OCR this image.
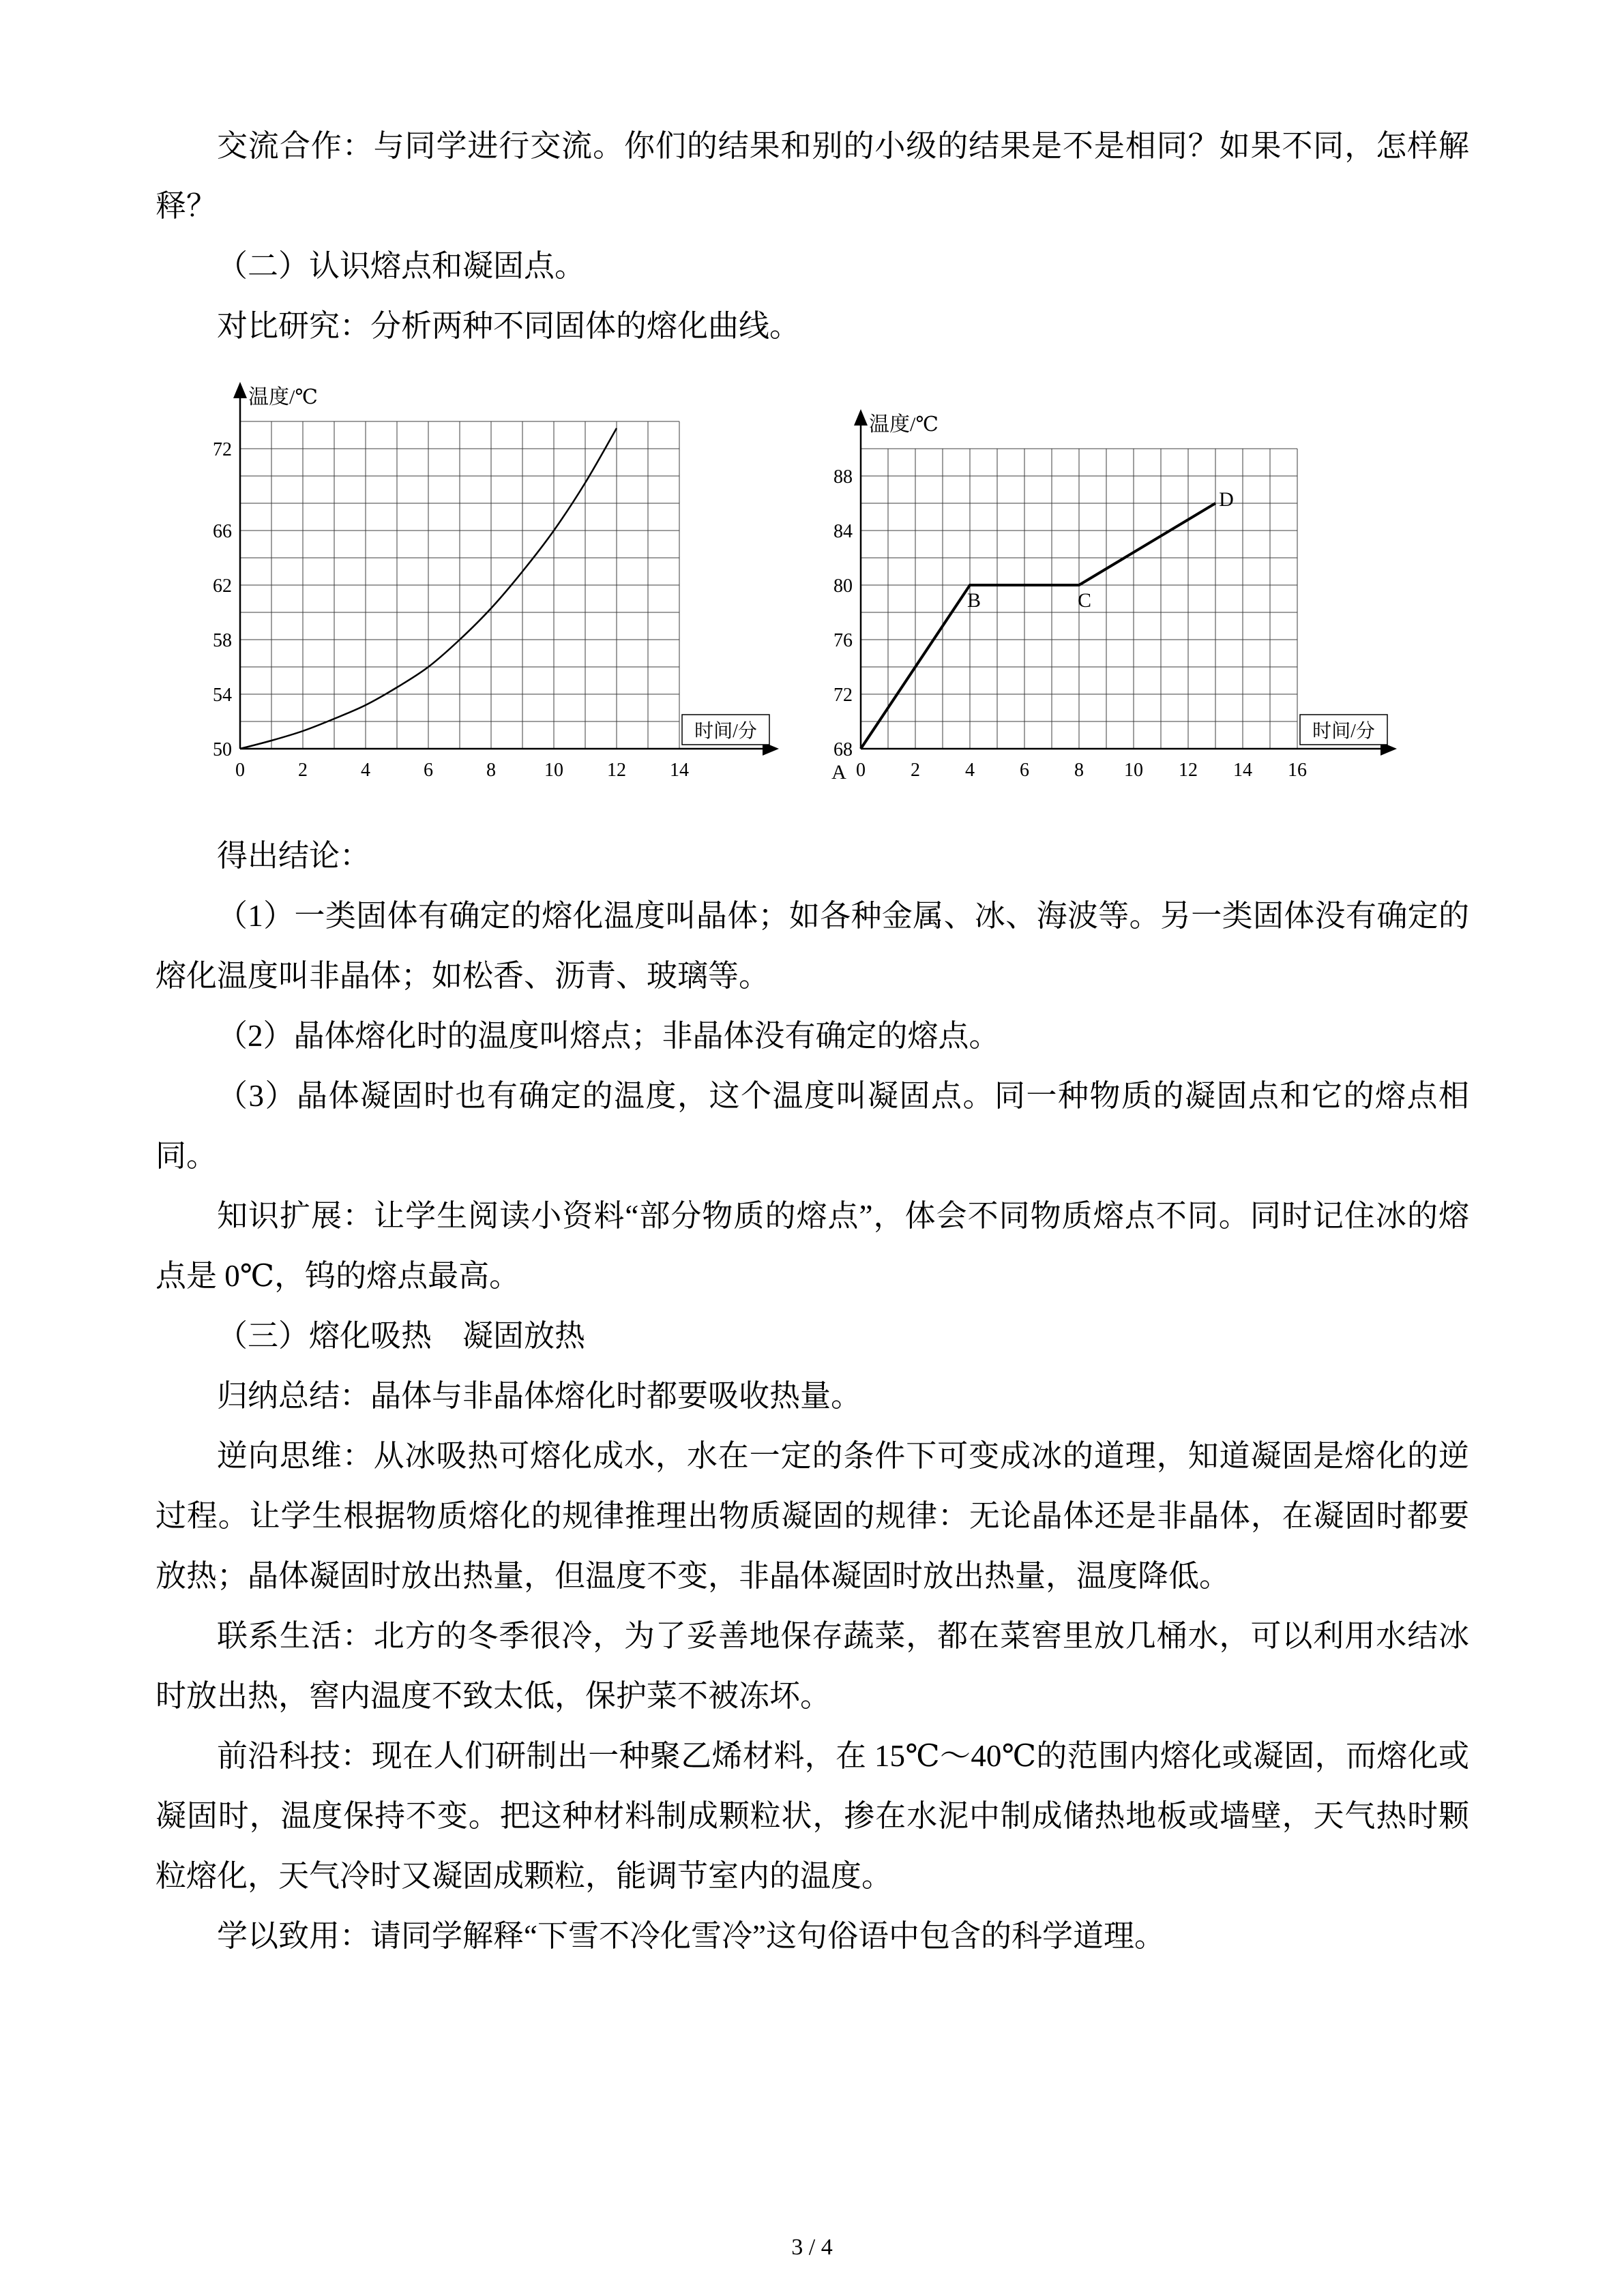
交流合作：与同学进行交流。你们的结果和别的小级的结果是不是相同？如果不同，怎样解释？

（二）认识熔点和凝固点。

对比研究：分析两种不同固体的熔化曲线。

72
66
62
58
54
50
0	2	4	6	8	10 12 14
温度/℃
时间/分
88
84
80
76
72
68
0 2 4 6 8 10 12 14 16
温度/℃
时间/分
A
B	C
D

得出结论：

（1）一类固体有确定的熔化温度叫晶体；如各种金属、冰、海波等。另一类固体没有确定的熔化温度叫非晶体；如松香、沥青、玻璃等。

（2）晶体熔化时的温度叫熔点；非晶体没有确定的熔点。

（3）晶体凝固时也有确定的温度，这个温度叫凝固点。同一种物质的凝固点和它的熔点相同。

知识扩展：让学生阅读小资料“部分物质的熔点”，体会不同物质熔点不同。同时记住冰的熔点是 0℃，钨的熔点最高。

（三）熔化吸热　凝固放热

归纳总结：晶体与非晶体熔化时都要吸收热量。

逆向思维：从冰吸热可熔化成水，水在一定的条件下可变成冰的道理，知道凝固是熔化的逆过程。让学生根据物质熔化的规律推理出物质凝固的规律：无论晶体还是非晶体，在凝固时都要放热；晶体凝固时放出热量，但温度不变，非晶体凝固时放出热量，温度降低。

联系生活：北方的冬季很冷，为了妥善地保存蔬菜，都在菜窖里放几桶水，可以利用水结冰时放出热，窖内温度不致太低，保护菜不被冻坏。

前沿科技：现在人们研制出一种聚乙烯材料，在 15℃～40℃的范围内熔化或凝固，而熔化或凝固时，温度保持不变。把这种材料制成颗粒状，掺在水泥中制成储热地板或墙壁，天气热时颗粒熔化，天气冷时又凝固成颗粒，能调节室内的温度。

学以致用：请同学解释“下雪不冷化雪冷”这句俗语中包含的科学道理。

3 / 4
